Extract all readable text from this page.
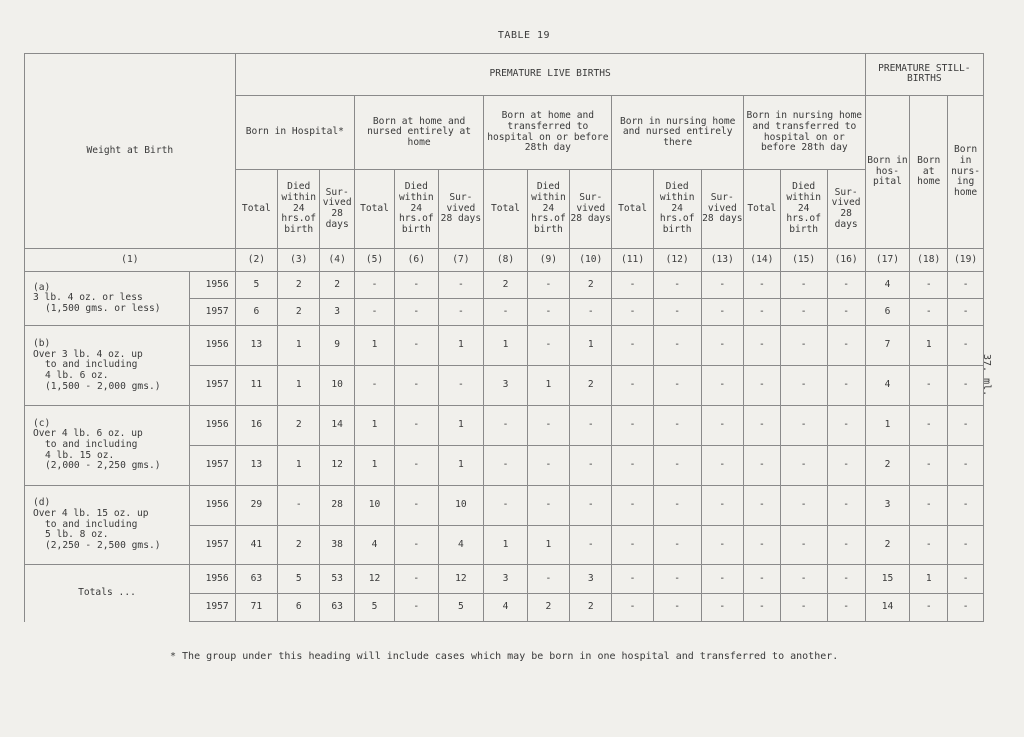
TABLE 19
37. ml.
Weight at Birth		PREMATURE LIVE BIRTHS															PREMATURE STILL-BIRTHS		
		Born in Hospital*			Born at home and nursed entirely at home			Born at home and transferred to hospital on or before 28th day			Born in nursing home and nursed entirely there			Born in nursing home and transferred to hospital on or before 28th day			Born in hos- pital	Born at home	Born in nurs- ing home
		Total	Died within 24 hrs.of birth	Sur- vived 28 days	Total	Died within 24 hrs.of birth	Sur- vived 28 days	Total	Died within 24 hrs.of birth	Sur- vived 28 days	Total	Died within 24 hrs.of birth	Sur- vived 28 days	Total	Died within 24 hrs.of birth	Sur- vived 28 days			
(1)		(2)	(3)	(4)	(5)	(6)	(7)	(8)	(9)	(10)	(11)	(12)	(13)	(14)	(15)	(16)	(17)	(18)	(19)

(a)
3 lb. 4 oz. or less
(1,500 gms. or less)	1956	5	2	2	-	-	-	2	-	2	-	-	-	-	-	-	4	-	-
	1957	6	2	3	-	-	-	-	-	-	-	-	-	-	-	-	6	-	-

(b)
Over 3 lb. 4 oz. up
to and including
4 lb. 6 oz.
(1,500 - 2,000 gms.)	1956	13	1	9	1	-	1	1	-	1	-	-	-	-	-	-	7	1	-
	1957	11	1	10	-	-	-	3	1	2	-	-	-	-	-	-	4	-	-

(c)
Over 4 lb. 6 oz. up
to and including
4 lb. 15 oz.
(2,000 - 2,250 gms.)	1956	16	2	14	1	-	1	-	-	-	-	-	-	-	-	-	1	-	-
	1957	13	1	12	1	-	1	-	-	-	-	-	-	-	-	-	2	-	-

(d)
Over 4 lb. 15 oz. up
to and including
5 lb. 8 oz.
(2,250 - 2,500 gms.)	1956	29	-	28	10	-	10	-	-	-	-	-	-	-	-	-	3	-	-
	1957	41	2	38	4	-	4	1	1	-	-	-	-	-	-	-	2	-	-

Totals ...	1956	63	5	53	12	-	12	3	-	3	-	-	-	-	-	-	15	1	-
	1957	71	6	63	5	-	5	4	2	2	-	-	-	-	-	-	14	-	-
* The group under this heading will include cases which may be born in one hospital and transferred to another.
